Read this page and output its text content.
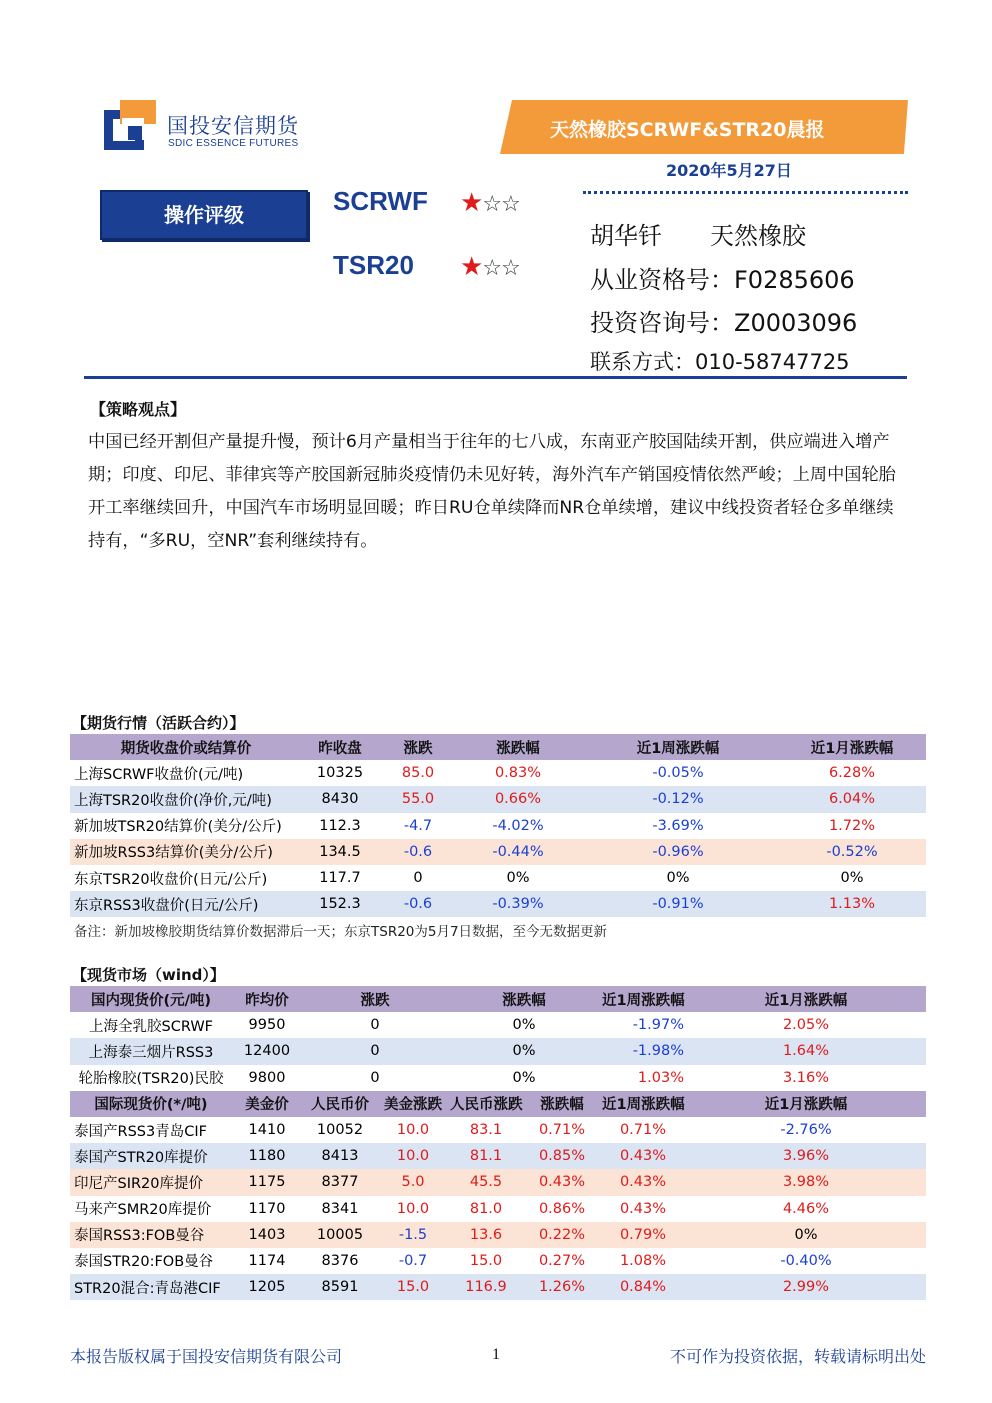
国投安信期货
SDIC ESSENCE FUTURES
天然橡胶SCRWF&STR20晨报
2020年5月27日
操作评级	SCRWF ★☆☆
TSR20 ★☆☆
胡华钎　　天然橡胶
从业资格号：F0285606
投资咨询号：Z0003096
联系方式：010-58747725
【策略观点】
中国已经开割但产量提升慢，预计6月产量相当于往年的七八成，东南亚产胶国陆续开割，供应端进入增产期；印度、印尼、菲律宾等产胶国新冠肺炎疫情仍未见好转，海外汽车产销国疫情依然严峻；上周中国轮胎开工率继续回升，中国汽车市场明显回暖；昨日RU仓单续降而NR仓单续增，建议中线投资者轻仓多单继续持有，“多RU，空NR”套利继续持有。
【期货行情（活跃合约）】
期货收盘价或结算价	昨收盘	涨跌	涨跌幅	近1周涨跌幅	近1月涨跌幅
上海SCRWF收盘价(元/吨)	10325	85.0	0.83%	-0.05%	6.28%
上海TSR20收盘价(净价,元/吨)	8430	55.0	0.66%	-0.12%	6.04%
新加坡TSR20结算价(美分/公斤)	112.3	-4.7	-4.02%	-3.69%	1.72%
新加坡RSS3结算价(美分/公斤)	134.5	-0.6	-0.44%	-0.96%	-0.52%
东京TSR20收盘价(日元/公斤)	117.7	0	0%	0%	0%
东京RSS3收盘价(日元/公斤)	152.3	-0.6	-0.39%	-0.91%	1.13%
备注：新加坡橡胶期货结算价数据滞后一天；东京TSR20为5月7日数据，至今无数据更新
【现货市场（wind）】
国内现货价(元/吨)	昨均价	涨跌		涨跌幅		近1周涨跌幅	近1月涨跌幅
上海全乳胶SCRWF	9950	0		0%		-1.97%	2.05%
上海泰三烟片RSS3	12400	0		0%		-1.98%	1.64%
轮胎橡胶(TSR20)民胶	9800	0		0%		1.03%	3.16%
国际现货价(*/吨)	美金价	人民币价	美金涨跌	人民币涨跌	涨跌幅	近1周涨跌幅	近1月涨跌幅
泰国产RSS3青岛CIF	1410	10052	10.0	83.1	0.71%	0.71%	-2.76%
泰国产STR20库提价	1180	8413	10.0	81.1	0.85%	0.43%	3.96%
印尼产SIR20库提价	1175	8377	5.0	45.5	0.43%	0.43%	3.98%
马来产SMR20库提价	1170	8341	10.0	81.0	0.86%	0.43%	4.46%
泰国RSS3:FOB曼谷	1403	10005	-1.5	13.6	0.22%	0.79%	0%
泰国STR20:FOB曼谷	1174	8376	-0.7	15.0	0.27%	1.08%	-0.40%
STR20混合:青岛港CIF	1205	8591	15.0	116.9	1.26%	0.84%	2.99%
本报告版权属于国投安信期货有限公司	1	不可作为投资依据，转载请标明出处
